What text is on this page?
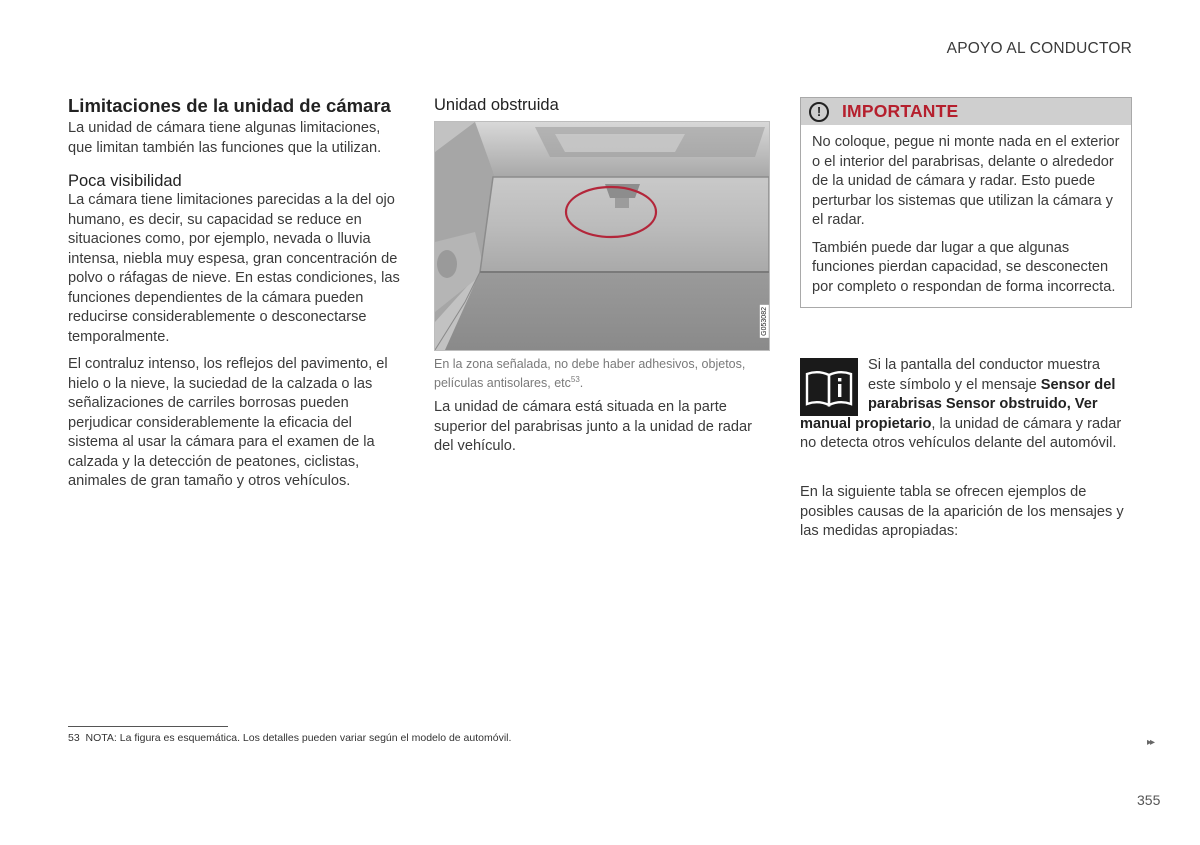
APOYO AL CONDUCTOR
Limitaciones de la unidad de cámara

La unidad de cámara tiene algunas limitaciones, que limitan también las funciones que la utilizan.

Poca visibilidad

La cámara tiene limitaciones parecidas a la del ojo humano, es decir, su capacidad se reduce en situaciones como, por ejemplo, nevada o lluvia intensa, niebla muy espesa, gran concentración de polvo o ráfagas de nieve. En estas condiciones, las funciones dependientes de la cámara pueden reducirse considerablemente o desconectarse temporalmente.

El contraluz intenso, los reflejos del pavimento, el hielo o la nieve, la suciedad de la calzada o las señalizaciones de carriles borrosas pueden perjudicar considerablemente la eficacia del sistema al usar la cámara para el examen de la calzada y la detección de peatones, ciclistas, animales de gran tamaño y otros vehículos.

Unidad obstruida
G053082
En la zona señalada, no debe haber adhesivos, objetos, películas antisolares, etc$^{53}$.

La unidad de cámara está situada en la parte superior del parabrisas junto a la unidad de radar del vehículo.

!	IMPORTANTE

No coloque, pegue ni monte nada en el exterior o el interior del parabrisas, delante o alrededor de la unidad de cámara y radar. Esto puede perturbar los sistemas que utilizan la cámara y el radar.

También puede dar lugar a que algunas funciones pierdan capacidad, se desconecten por completo o respondan de forma incorrecta.

En la siguiente tabla se ofrecen ejemplos de posibles causas de la aparición de los mensajes y las medidas apropiadas:

53 NOTA: La figura es esquemática. Los detalles pueden variar según el modelo de automóvil.	▸▸
355

Si la pantalla del conductor muestra este símbolo y el mensaje Sensor del parabrisas Sensor obstruido, Ver manual propietario, la unidad de cámara y radar no detecta otros vehículos delante del automóvil.
